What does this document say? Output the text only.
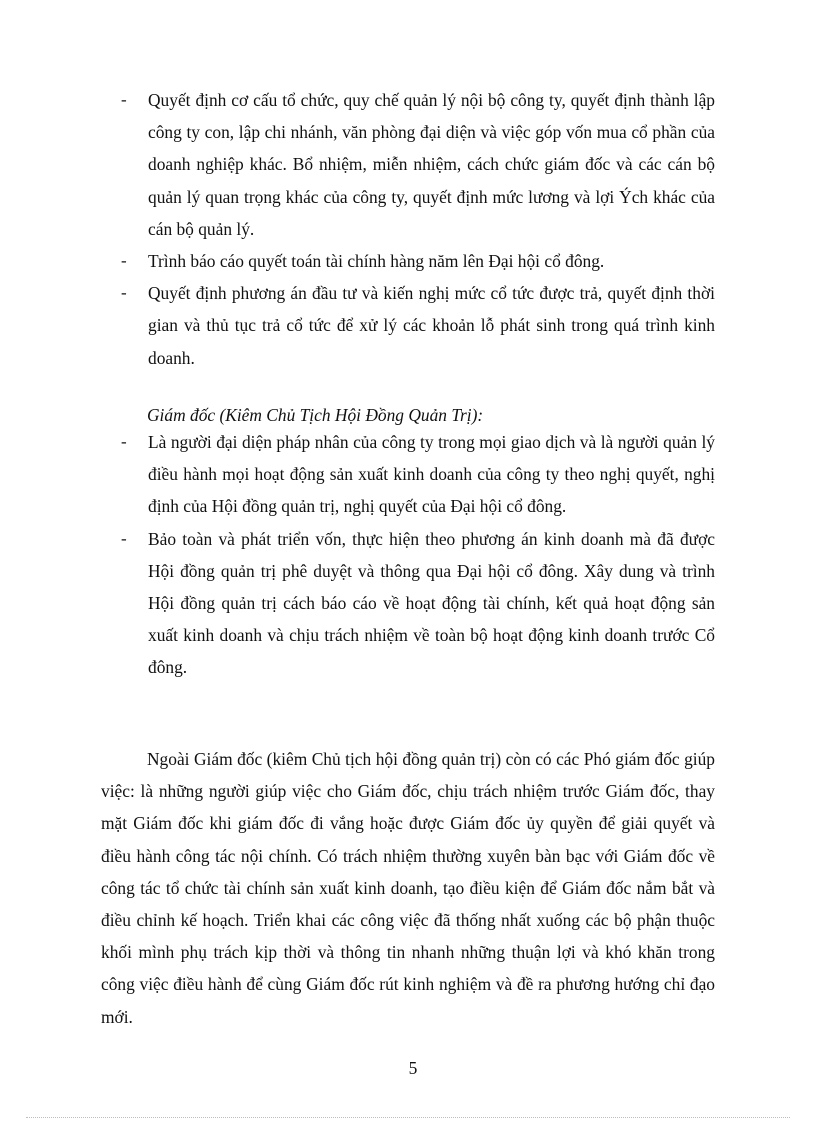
- Quyết định cơ cấu tổ chức, quy chế quản lý nội bộ công ty, quyết định thành lập công ty con, lập chi nhánh, văn phòng đại diện và việc góp vốn mua cổ phần của doanh nghiệp khác. Bổ nhiệm, miễn nhiệm, cách chức giám đốc và các cán bộ quản lý quan trọng khác của công ty, quyết định mức lương và lợi Ých khác của cán bộ quản lý.
- Trình báo cáo quyết toán tài chính hàng năm lên Đại hội cổ đông.
- Quyết định phương án đầu tư và kiến nghị mức cổ tức được trả, quyết định thời gian và thủ tục trả cổ tức để xử lý các khoản lỗ phát sinh trong quá trình kinh doanh.
Giám đốc (Kiêm Chủ Tịch Hội Đồng Quản Trị):
- Là người đại diện pháp nhân của công ty trong mọi giao dịch và là người quản lý điều hành mọi hoạt động sản xuất kinh doanh của công ty theo nghị quyết, nghị định của Hội đồng quản trị, nghị quyết của Đại hội cổ đông.
- Bảo toàn và phát triển vốn, thực hiện theo phương án kinh doanh mà đã được Hội đồng quản trị phê duyệt và thông qua Đại hội cổ đông. Xây dung và trình Hội đồng quản trị cách báo cáo về hoạt động tài chính, kết quả hoạt động sản xuất kinh doanh và chịu trách nhiệm về toàn bộ hoạt động kinh doanh trước Cổ đông.

Ngoài Giám đốc (kiêm Chủ tịch hội đồng quản trị) còn có các Phó giám đốc giúp việc: là những người giúp việc cho Giám đốc, chịu trách nhiệm trước Giám đốc, thay mặt Giám đốc khi giám đốc đi vắng hoặc được Giám đốc ủy quyền để giải quyết và điều hành công tác nội chính. Có trách nhiệm thường xuyên bàn bạc với Giám đốc về công tác tổ chức tài chính sản xuất kinh doanh, tạo điều kiện để Giám đốc nắm bắt và điều chỉnh kế hoạch. Triển khai các công việc đã thống nhất xuống các bộ phận thuộc khối mình phụ trách kịp thời và thông tin nhanh những thuận lợi và khó khăn trong công việc điều hành để cùng Giám đốc rút kinh nghiệm và đề ra phương hướng chỉ đạo mới.

5
